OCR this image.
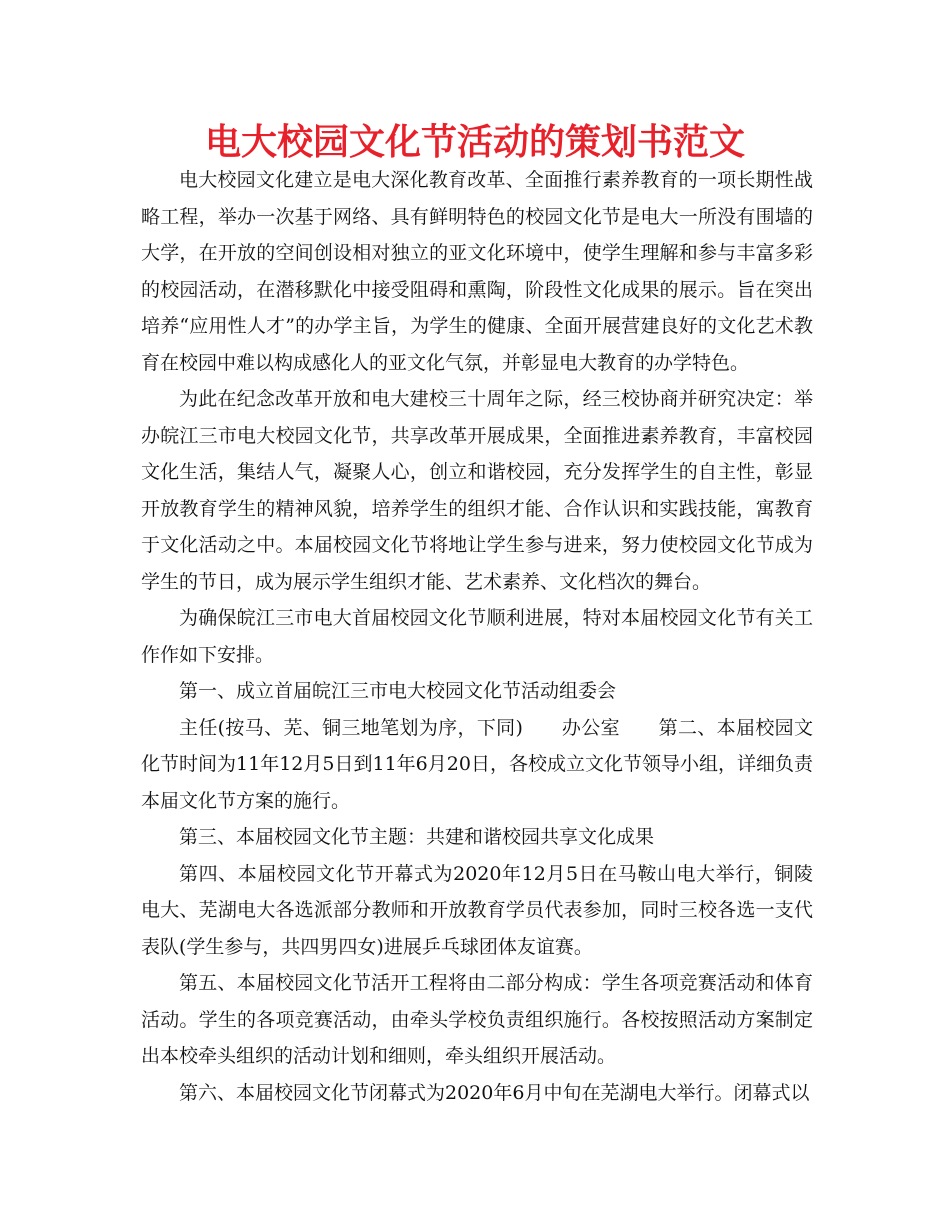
电大校园文化节活动的策划书范文

电大校园文化建立是电大深化教育改革、全面推行素养教育的一项长期性战略工程，举办一次基于网络、具有鲜明特色的校园文化节是电大一所没有围墙的大学，在开放的空间创设相对独立的亚文化环境中，使学生理解和参与丰富多彩的校园活动，在潜移默化中接受阻碍和熏陶，阶段性文化成果的展示。旨在突出培养“应用性人才”的办学主旨，为学生的健康、全面开展营建良好的文化艺术教育在校园中难以构成感化人的亚文化气氛，并彰显电大教育的办学特色。

为此在纪念改革开放和电大建校三十周年之际，经三校协商并研究决定：举办皖江三市电大校园文化节，共享改革开展成果，全面推进素养教育，丰富校园文化生活，集结人气，凝聚人心，创立和谐校园，充分发挥学生的自主性，彰显开放教育学生的精神风貌，培养学生的组织才能、合作认识和实践技能，寓教育于文化活动之中。本届校园文化节将地让学生参与进来，努力使校园文化节成为学生的节日，成为展示学生组织才能、艺术素养、文化档次的舞台。

为确保皖江三市电大首届校园文化节顺利进展，特对本届校园文化节有关工作作如下安排。

第一、成立首届皖江三市电大校园文化节活动组委会

主任(按马、芜、铜三地笔划为序，下同)　　办公室　　第二、本届校园文化节时间为11年12月5日到11年6月20日，各校成立文化节领导小组，详细负责本届文化节方案的施行。

第三、本届校园文化节主题：共建和谐校园共享文化成果

第四、本届校园文化节开幕式为2020年12月5日在马鞍山电大举行，铜陵电大、芜湖电大各选派部分教师和开放教育学员代表参加，同时三校各选一支代表队(学生参与，共四男四女)进展乒乓球团体友谊赛。

第五、本届校园文化节活开工程将由二部分构成：学生各项竞赛活动和体育活动。学生的各项竞赛活动，由牵头学校负责组织施行。各校按照活动方案制定出本校牵头组织的活动计划和细则，牵头组织开展活动。

第六、本届校园文化节闭幕式为2020年6月中旬在芜湖电大举行。闭幕式以
